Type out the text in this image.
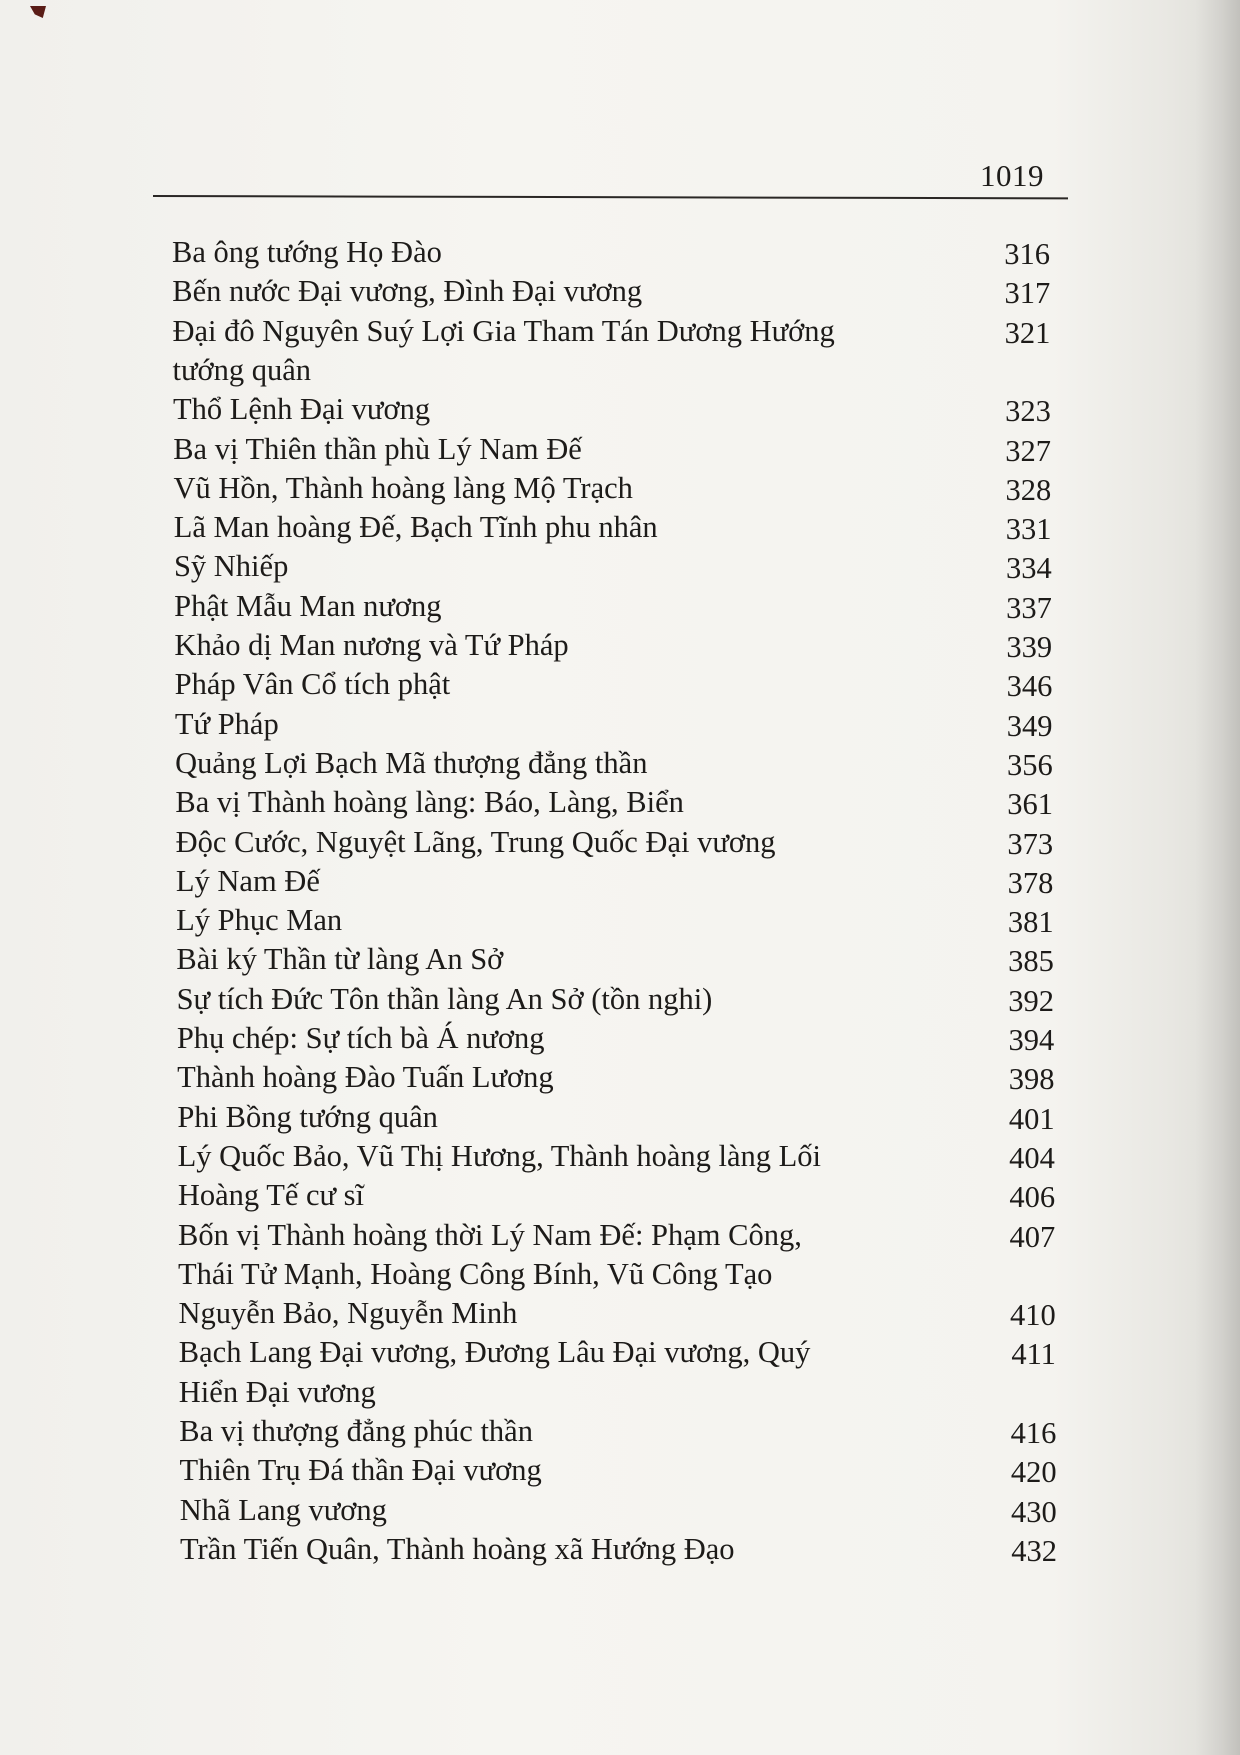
1019
Ba ông tướng Họ Đào	316
Bến nước Đại vương, Đình Đại vương	317
Đại đô Nguyên Suý Lợi Gia Tham Tán Dương Hướng
tướng quân
321
Thổ Lệnh Đại vương	323
Ba vị Thiên thần phù Lý Nam Đế	327
Vũ Hồn, Thành hoàng làng Mộ Trạch	328
Lã Man hoàng Đế, Bạch Tĩnh phu nhân	331
Sỹ Nhiếp	334
Phật Mẫu Man nương	337
Khảo dị Man nương và Tứ Pháp	339
Pháp Vân Cổ tích phật	346
Tứ Pháp	349
Quảng Lợi Bạch Mã thượng đẳng thần	356
Ba vị Thành hoàng làng: Báo, Làng, Biển	361
Độc Cước, Nguyệt Lãng, Trung Quốc Đại vương	373
Lý Nam Đế	378
Lý Phục Man	381
Bài ký Thần từ làng An Sở	385
Sự tích Đức Tôn thần làng An Sở (tồn nghi)	392
Phụ chép: Sự tích bà Á nương	394
Thành hoàng Đào Tuấn Lương	398
Phi Bồng tướng quân	401
Lý Quốc Bảo, Vũ Thị Hương, Thành hoàng làng Lối	404
Hoàng Tế cư sĩ	406
Bốn vị Thành hoàng thời Lý Nam Đế: Phạm Công,
Thái Tử Mạnh, Hoàng Công Bính, Vũ Công Tạo
407
Nguyễn Bảo, Nguyễn Minh	410
Bạch Lang Đại vương, Đương Lâu Đại vương, Quý
Hiển Đại vương
411
Ba vị thượng đẳng phúc thần	416
Thiên Trụ Đá thần Đại vương	420
Nhã Lang vương	430
Trần Tiến Quân, Thành hoàng xã Hướng Đạo	432
